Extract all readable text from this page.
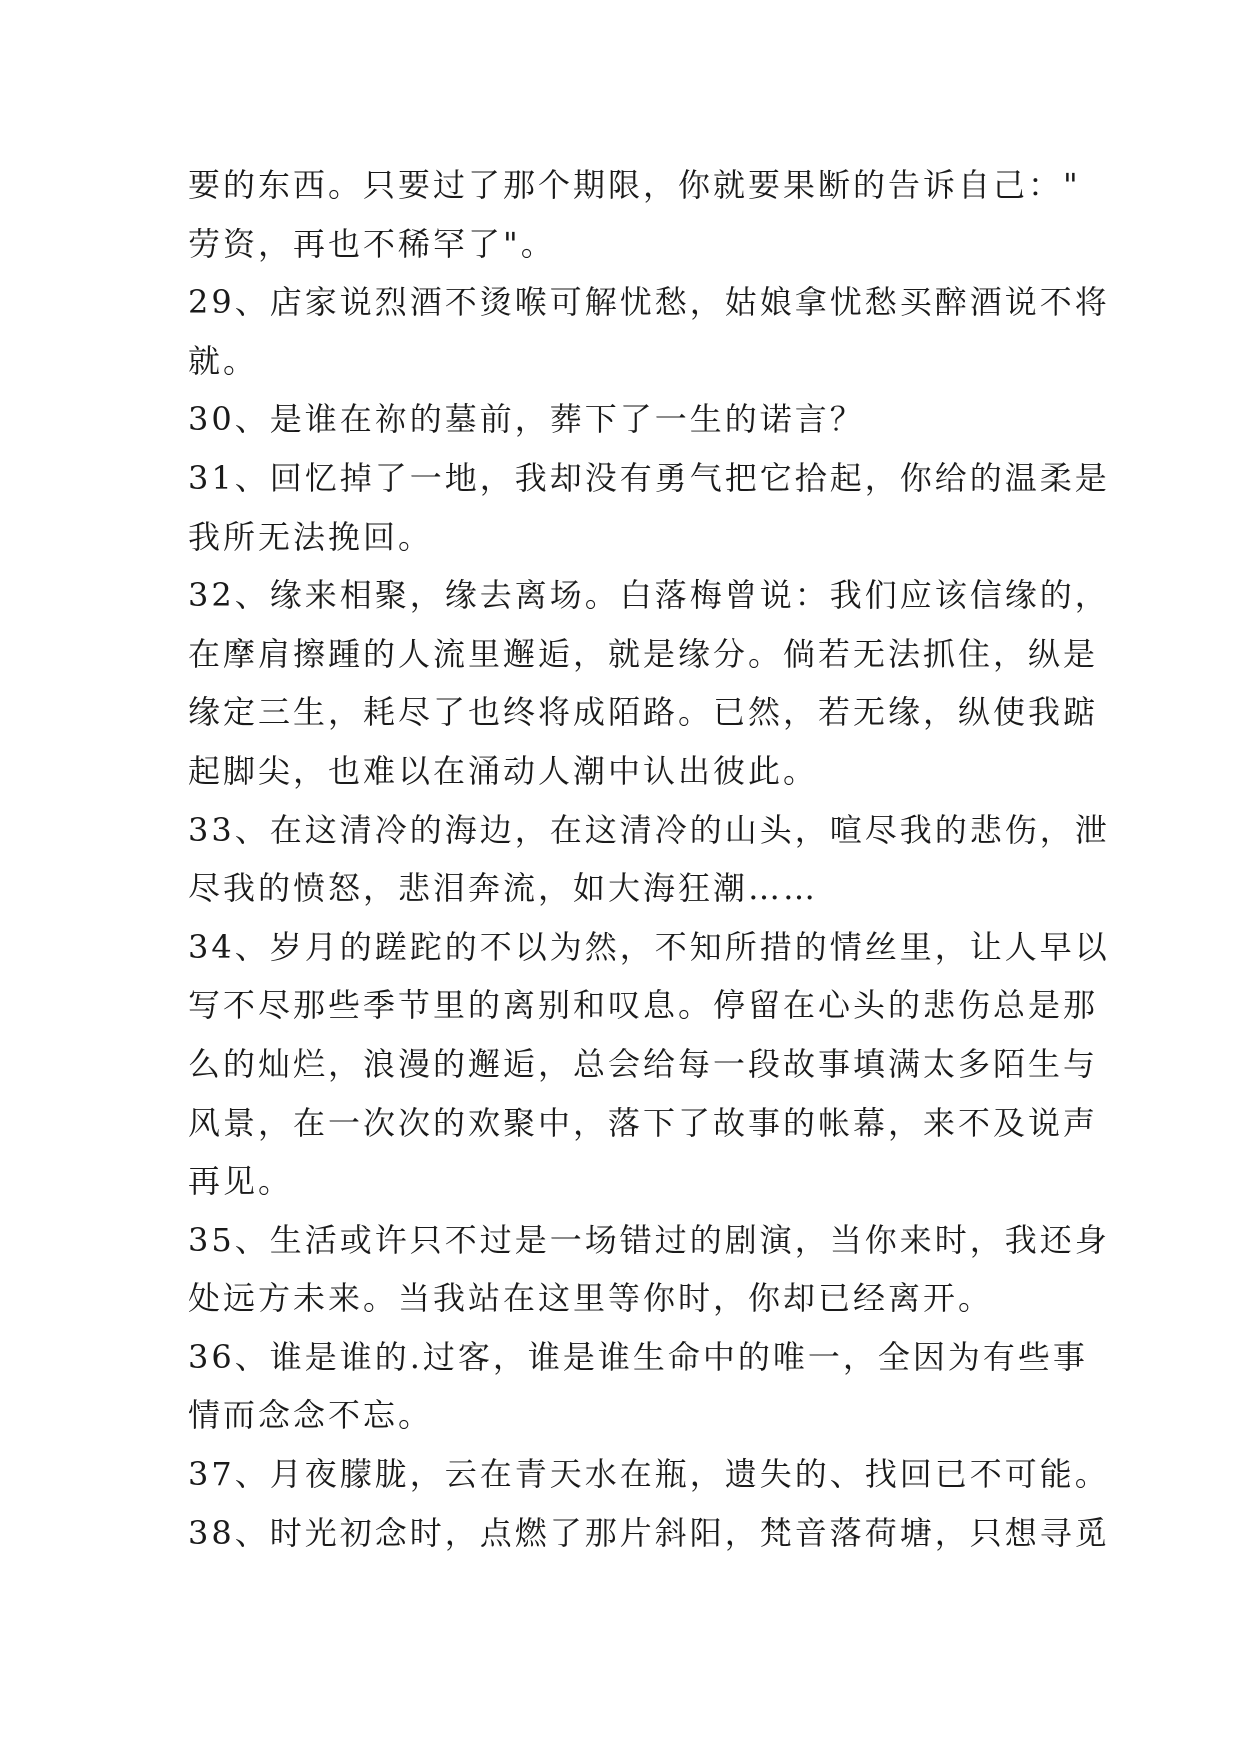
要的东西。只要过了那个期限，你就要果断的告诉自己："
劳资，再也不稀罕了"。
29、店家说烈酒不烫喉可解忧愁，姑娘拿忧愁买醉酒说不将
就。
30、是谁在祢的墓前，葬下了一生的诺言？
31、回忆掉了一地，我却没有勇气把它拾起，你给的温柔是
我所无法挽回。
32、缘来相聚，缘去离场。白落梅曾说：我们应该信缘的，
在摩肩擦踵的人流里邂逅，就是缘分。倘若无法抓住，纵是
缘定三生，耗尽了也终将成陌路。已然，若无缘，纵使我踮
起脚尖，也难以在涌动人潮中认出彼此。
33、在这清冷的海边，在这清冷的山头，喧尽我的悲伤，泄
尽我的愤怒，悲泪奔流，如大海狂潮……
34、岁月的蹉跎的不以为然，不知所措的情丝里，让人早以
写不尽那些季节里的离别和叹息。停留在心头的悲伤总是那
么的灿烂，浪漫的邂逅，总会给每一段故事填满太多陌生与
风景，在一次次的欢聚中，落下了故事的帐幕，来不及说声
再见。
35、生活或许只不过是一场错过的剧演，当你来时，我还身
处远方未来。当我站在这里等你时，你却已经离开。
36、谁是谁的.过客，谁是谁生命中的唯一，全因为有些事
情而念念不忘。
37、月夜朦胧，云在青天水在瓶，遗失的、找回已不可能。
38、时光初念时，点燃了那片斜阳，梵音落荷塘，只想寻觅
